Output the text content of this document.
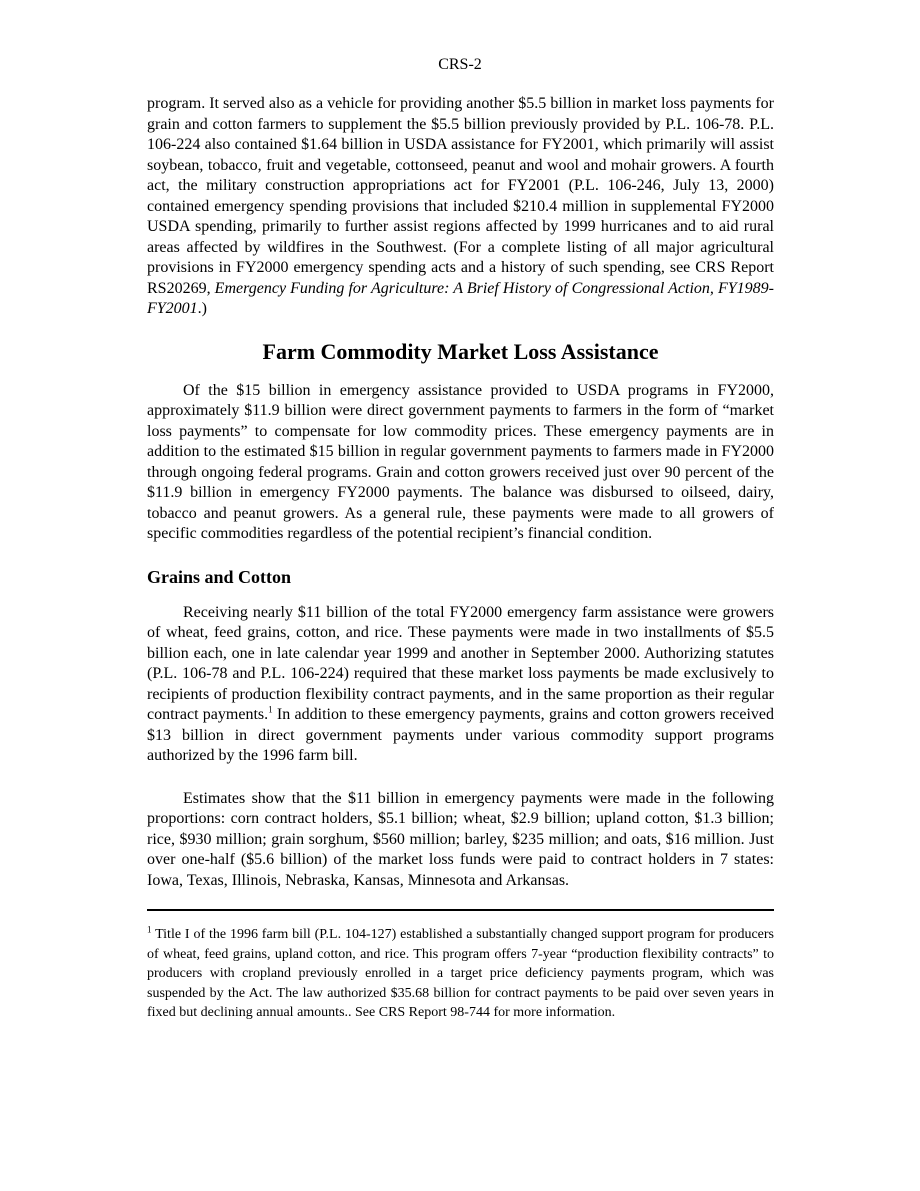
CRS-2

program. It served also as a vehicle for providing another $5.5 billion in market loss payments for grain and cotton farmers to supplement the $5.5 billion previously provided by P.L. 106-78. P.L. 106-224 also contained $1.64 billion in USDA assistance for FY2001, which primarily will assist soybean, tobacco, fruit and vegetable, cottonseed, peanut and wool and mohair growers. A fourth act, the military construction appropriations act for FY2001 (P.L. 106-246, July 13, 2000) contained emergency spending provisions that included $210.4 million in supplemental FY2000 USDA spending, primarily to further assist regions affected by 1999 hurricanes and to aid rural areas affected by wildfires in the Southwest. (For a complete listing of all major agricultural provisions in FY2000 emergency spending acts and a history of such spending, see CRS Report RS20269, Emergency Funding for Agriculture: A Brief History of Congressional Action, FY1989-FY2001.)

Farm Commodity Market Loss Assistance

Of the $15 billion in emergency assistance provided to USDA programs in FY2000, approximately $11.9 billion were direct government payments to farmers in the form of “market loss payments” to compensate for low commodity prices. These emergency payments are in addition to the estimated $15 billion in regular government payments to farmers made in FY2000 through ongoing federal programs. Grain and cotton growers received just over 90 percent of the $11.9 billion in emergency FY2000 payments. The balance was disbursed to oilseed, dairy, tobacco and peanut growers. As a general rule, these payments were made to all growers of specific commodities regardless of the potential recipient’s financial condition.

Grains and Cotton

Receiving nearly $11 billion of the total FY2000 emergency farm assistance were growers of wheat, feed grains, cotton, and rice. These payments were made in two installments of $5.5 billion each, one in late calendar year 1999 and another in September 2000. Authorizing statutes (P.L. 106-78 and P.L. 106-224) required that these market loss payments be made exclusively to recipients of production flexibility contract payments, and in the same proportion as their regular contract payments.$^1$ In addition to these emergency payments, grains and cotton growers received $13 billion in direct government payments under various commodity support programs authorized by the 1996 farm bill.

Estimates show that the $11 billion in emergency payments were made in the following proportions: corn contract holders, $5.1 billion; wheat, $2.9 billion; upland cotton, $1.3 billion; rice, $930 million; grain sorghum, $560 million; barley, $235 million; and oats, $16 million. Just over one-half ($5.6 billion) of the market loss funds were paid to contract holders in 7 states: Iowa, Texas, Illinois, Nebraska, Kansas, Minnesota and Arkansas.

$^1$ Title I of the 1996 farm bill (P.L. 104-127) established a substantially changed support program for producers of wheat, feed grains, upland cotton, and rice. This program offers 7-year “production flexibility contracts” to producers with cropland previously enrolled in a target price deficiency payments program, which was suspended by the Act. The law authorized $35.68 billion for contract payments to be paid over seven years in fixed but declining annual amounts.. See CRS Report 98-744 for more information.
